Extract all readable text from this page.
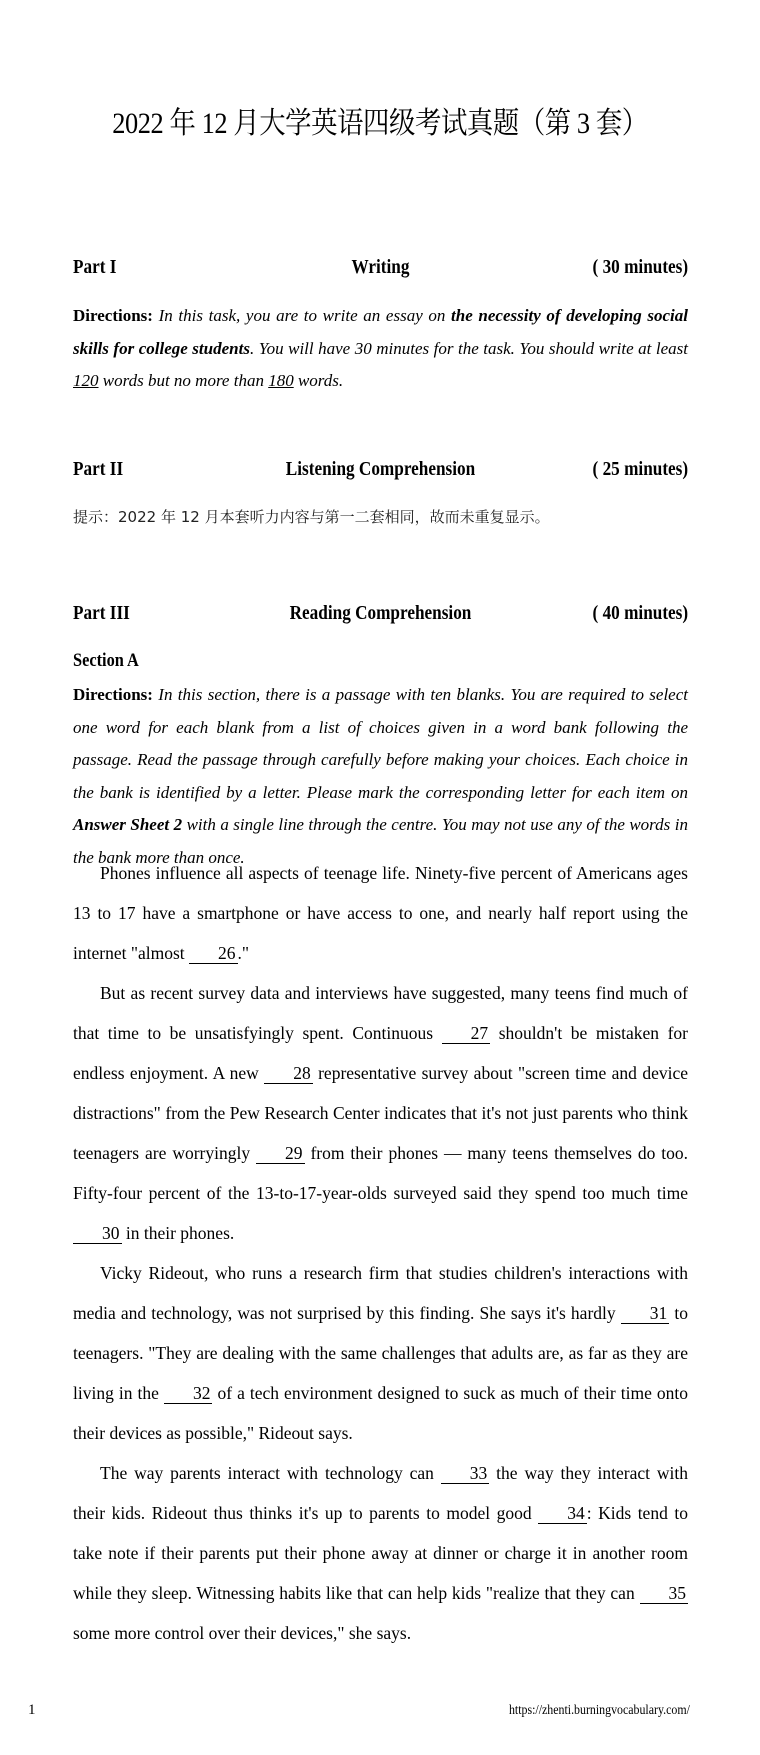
2022 年 12 月大学英语四级考试真题（第 3 套）
Part I	Writing	( 30 minutes)
Directions: In this task, you are to write an essay on the necessity of developing social skills for college students. You will have 30 minutes for the task. You should write at least 120 words but no more than 180 words.
Part II	Listening Comprehension	( 25 minutes)
提示：2022 年 12 月本套听力内容与第一二套相同，故而未重复显示。
Part III	Reading Comprehension	( 40 minutes)
Section A
Directions: In this section, there is a passage with ten blanks. You are required to select one word for each blank from a list of choices given in a word bank following the passage. Read the passage through carefully before making your choices. Each choice in the bank is identified by a letter. Please mark the corresponding letter for each item on Answer Sheet 2 with a single line through the centre. You may not use any of the words in the bank more than once.

Phones influence all aspects of teenage life. Ninety-five percent of Americans ages 13 to 17 have a smartphone or have access to one, and nearly half report using the internet "almost 26 ."

But as recent survey data and interviews have suggested, many teens find much of that time to be unsatisfyingly spent. Continuous 27 shouldn't be mistaken for endless enjoyment. A new 28 representative survey about "screen time and device distractions" from the Pew Research Center indicates that it's not just parents who think teenagers are worryingly 29 from their phones — many teens themselves do too. Fifty-four percent of the 13-to-17-year-olds surveyed said they spend too much time 30 in their phones.

Vicky Rideout, who runs a research firm that studies children's interactions with media and technology, was not surprised by this finding. She says it's hardly 31 to teenagers. "They are dealing with the same challenges that adults are, as far as they are living in the 32 of a tech environment designed to suck as much of their time onto their devices as possible," Rideout says.

The way parents interact with technology can 33 the way they interact with their kids. Rideout thus thinks it's up to parents to model good 34 : Kids tend to take note if their parents put their phone away at dinner or charge it in another room while they sleep. Witnessing habits like that can help kids "realize that they can 35 some more control over their devices," she says.

1	https://zhenti.burningvocabulary.com/
